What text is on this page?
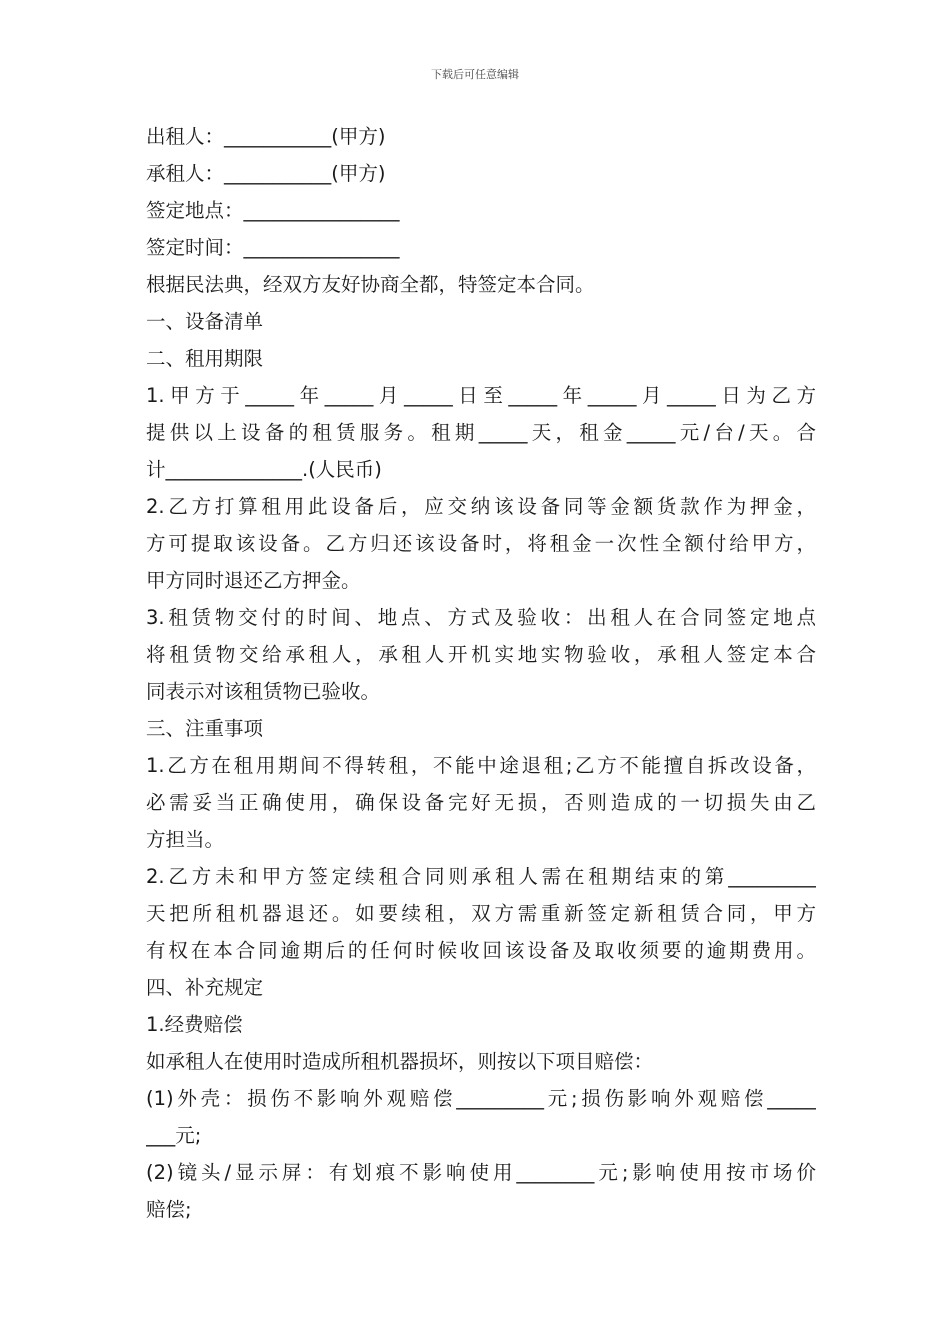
下载后可任意编辑
出租人：___________(甲方)
承租人：___________(甲方)
签定地点：________________
签定时间：________________
根据民法典，经双方友好协商全都，特签定本合同。
一、设备清单
二、租用期限
1.甲方于_____年_____月_____日至_____年_____月_____日为乙方
提供以上设备的租赁服务。租期_____天，租金_____元/台/天。合
计______________.(人民币)
2.乙方打算租用此设备后，应交纳该设备同等金额货款作为押金，
方可提取该设备。乙方归还该设备时，将租金一次性全额付给甲方，
甲方同时退还乙方押金。
3.租赁物交付的时间、地点、方式及验收：出租人在合同签定地点
将租赁物交给承租人，承租人开机实地实物验收，承租人签定本合
同表示对该租赁物已验收。
三、注重事项
1.乙方在租用期间不得转租，不能中途退租;乙方不能擅自拆改设备，
必需妥当正确使用，确保设备完好无损，否则造成的一切损失由乙
方担当。
2.乙方未和甲方签定续租合同则承租人需在租期结束的第_________
天把所租机器退还。如要续租，双方需重新签定新租赁合同，甲方
有权在本合同逾期后的任何时候收回该设备及取收须要的逾期费用。
四、补充规定
1.经费赔偿
如承租人在使用时造成所租机器损坏，则按以下项目赔偿：
(1)外壳：损伤不影响外观赔偿_________元;损伤影响外观赔偿_____
___元;
(2)镜头/显示屏：有划痕不影响使用________元;影响使用按市场价
赔偿;
